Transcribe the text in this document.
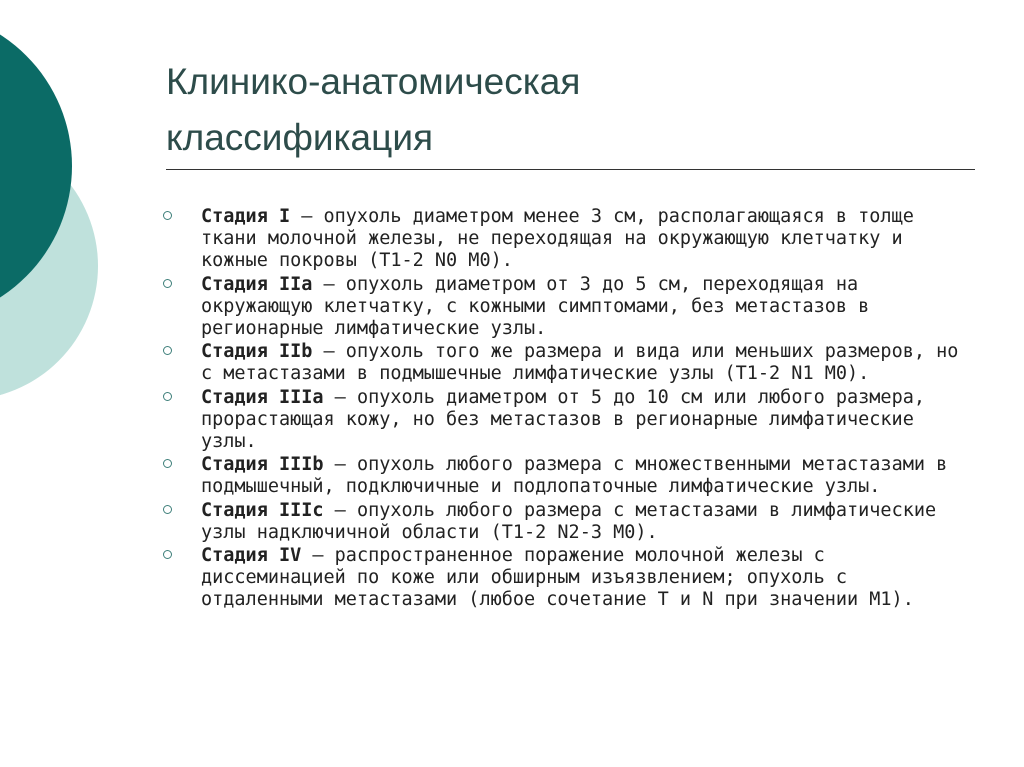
Клинико-анатомическая
классификация
Стадия I — опухоль диаметром менее 3 см, располагающаяся в толще ткани молочной железы, не переходящая на окружающую клетчатку и кожные покровы (T1-2 N0 M0).
Стадия IIa — опухоль диаметром от 3 до 5 см, переходящая на окружающую клетчатку, с кожными симптомами, без метастазов в регионарные лимфатические узлы.
Стадия IIb — опухоль того же размера и вида или меньших размеров, но с метастазами в подмышечные лимфатические узлы (T1-2 N1 M0).
Стадия IIIa — опухоль диаметром от 5 до 10 см или любого размера, прорастающая кожу, но без метастазов в регионарные лимфатические узлы.
Стадия IIIb — опухоль любого размера с множественными метастазами в подмышечный, подключичные и подлопаточные лимфатические узлы.
Стадия IIIc — опухоль любого размера с метастазами в лимфатические узлы надключичной области (T1-2 N2-3 M0).
Стадия IV — распространенное поражение молочной железы с диссеминацией по коже или обширным изъязвлением; опухоль с отдаленными метастазами (любое сочетание T и N при значении M1).
